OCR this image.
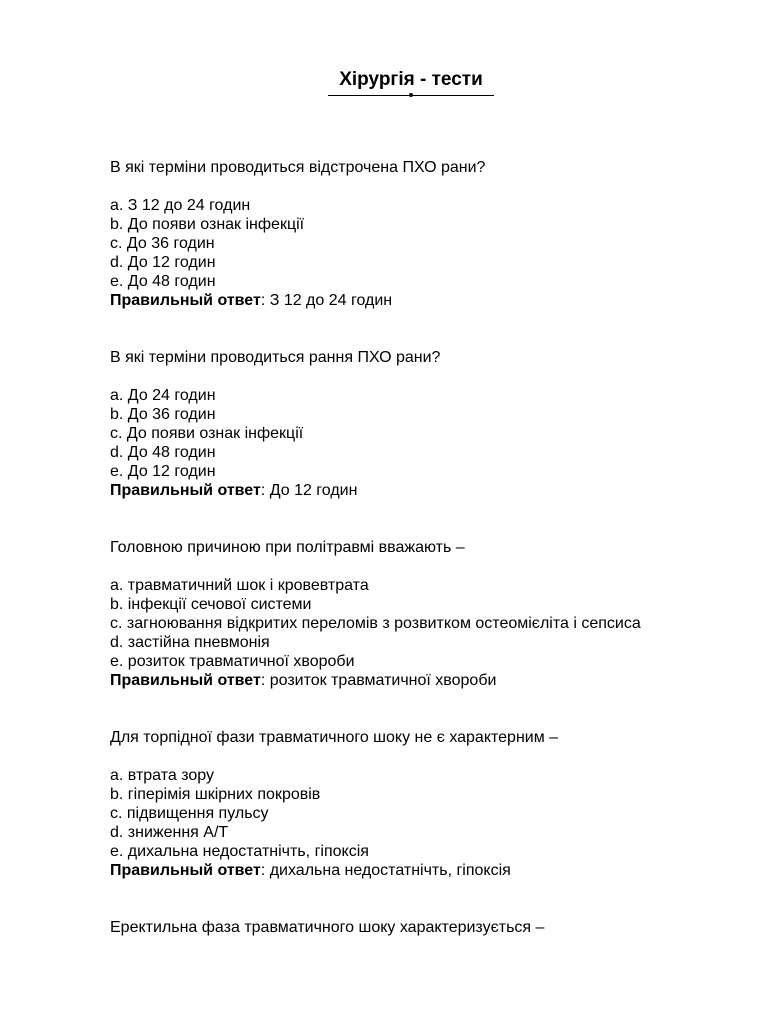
Хірургія - тести
В які терміни проводиться відстрочена ПХО рани?
a. З 12 до 24 годин
b. До появи ознак інфекції
c. До 36 годин
d. До 12 годин
e. До 48 годин
Правильный ответ: З 12 до 24 годин
В які терміни проводиться рання ПХО рани?
a. До 24 годин
b. До 36 годин
c. До появи ознак інфекції
d. До 48 годин
e. До 12 годин
Правильный ответ: До 12 годин
Головною причиною при політравмі вважають –
a. травматичний шок і кровевтрата
b. інфекції сечової системи
c. загноювання відкритих переломів з розвитком остеомієліта і сепсиса
d. застійна пневмонія
e. розиток травматичної хвороби
Правильный ответ: розиток травматичної хвороби
Для торпідної фази травматичного шоку не є характерним –
a. втрата зору
b. гіперімія шкірних покровів
c. підвищення пульсу
d. зниження А/Т
e. дихальна недостатнічть, гіпоксія
Правильный ответ: дихальна недостатнічть, гіпоксія
Еректильна фаза травматичного шоку характеризується –
